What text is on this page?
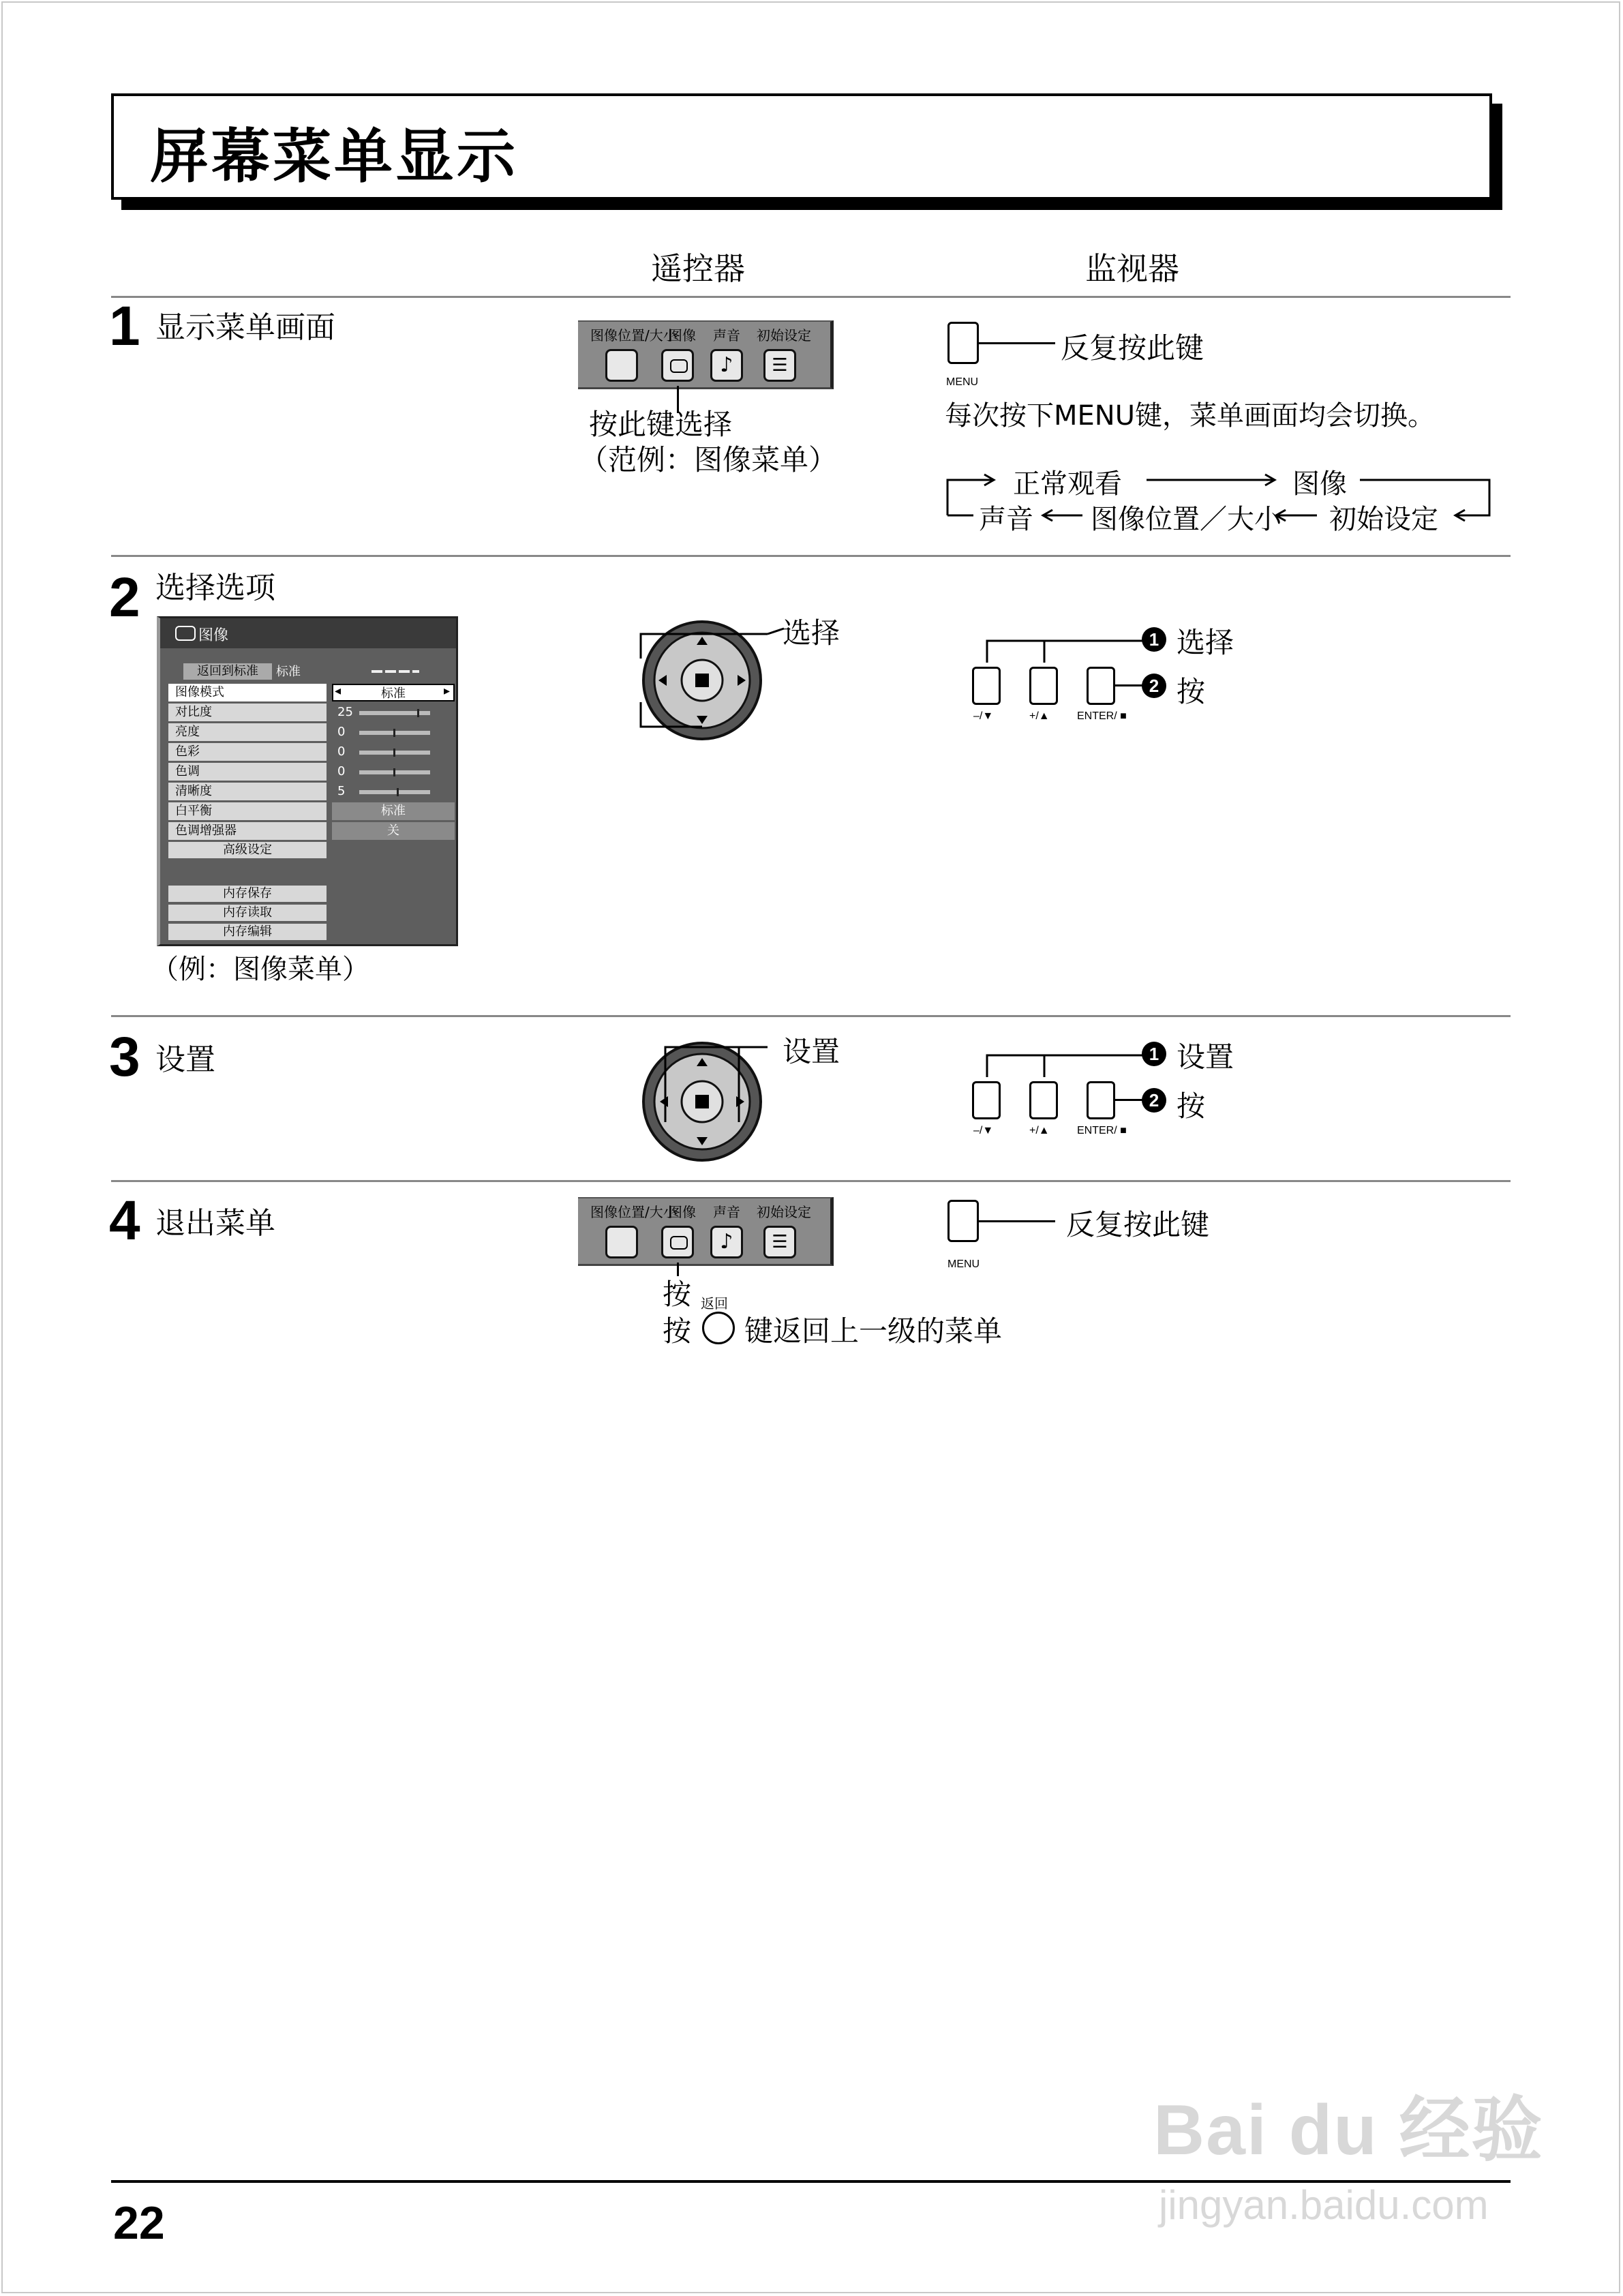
屏幕菜单显示
遥控器	监视器
1 显示菜单画面	图像位置/大小
图像 声音 初始设定
♪	☰
按此键选择
（范例：图像菜单）
反复按此键
MENU
每次按下MENU键，菜单画面均会切换。
正常观看	图像
声音 图像位置／大小 初始设定
2 选择选项
图像
返回到标准	标准
图像模式	标准
◂
对比度	25
亮度	0
色彩	0
色调	0
清晰度	5
白平衡	标准
色调增强器	关
高级设定
内存保存
内存读取
内存编辑
（例：图像菜单）
选择	1 选择
2 按
–/▼	+/▲	ENTER/ ■
3 设置	设置	1 设置
2 按
–/▼	+/▲	ENTER/ ■
4 退出菜单	图像位置/大小
图像 声音 初始设定
♪	☰
按 返回
按 键返回上一级的菜单
反复按此键
MENU
22
Bai du 经验
jingyan.baidu.com
